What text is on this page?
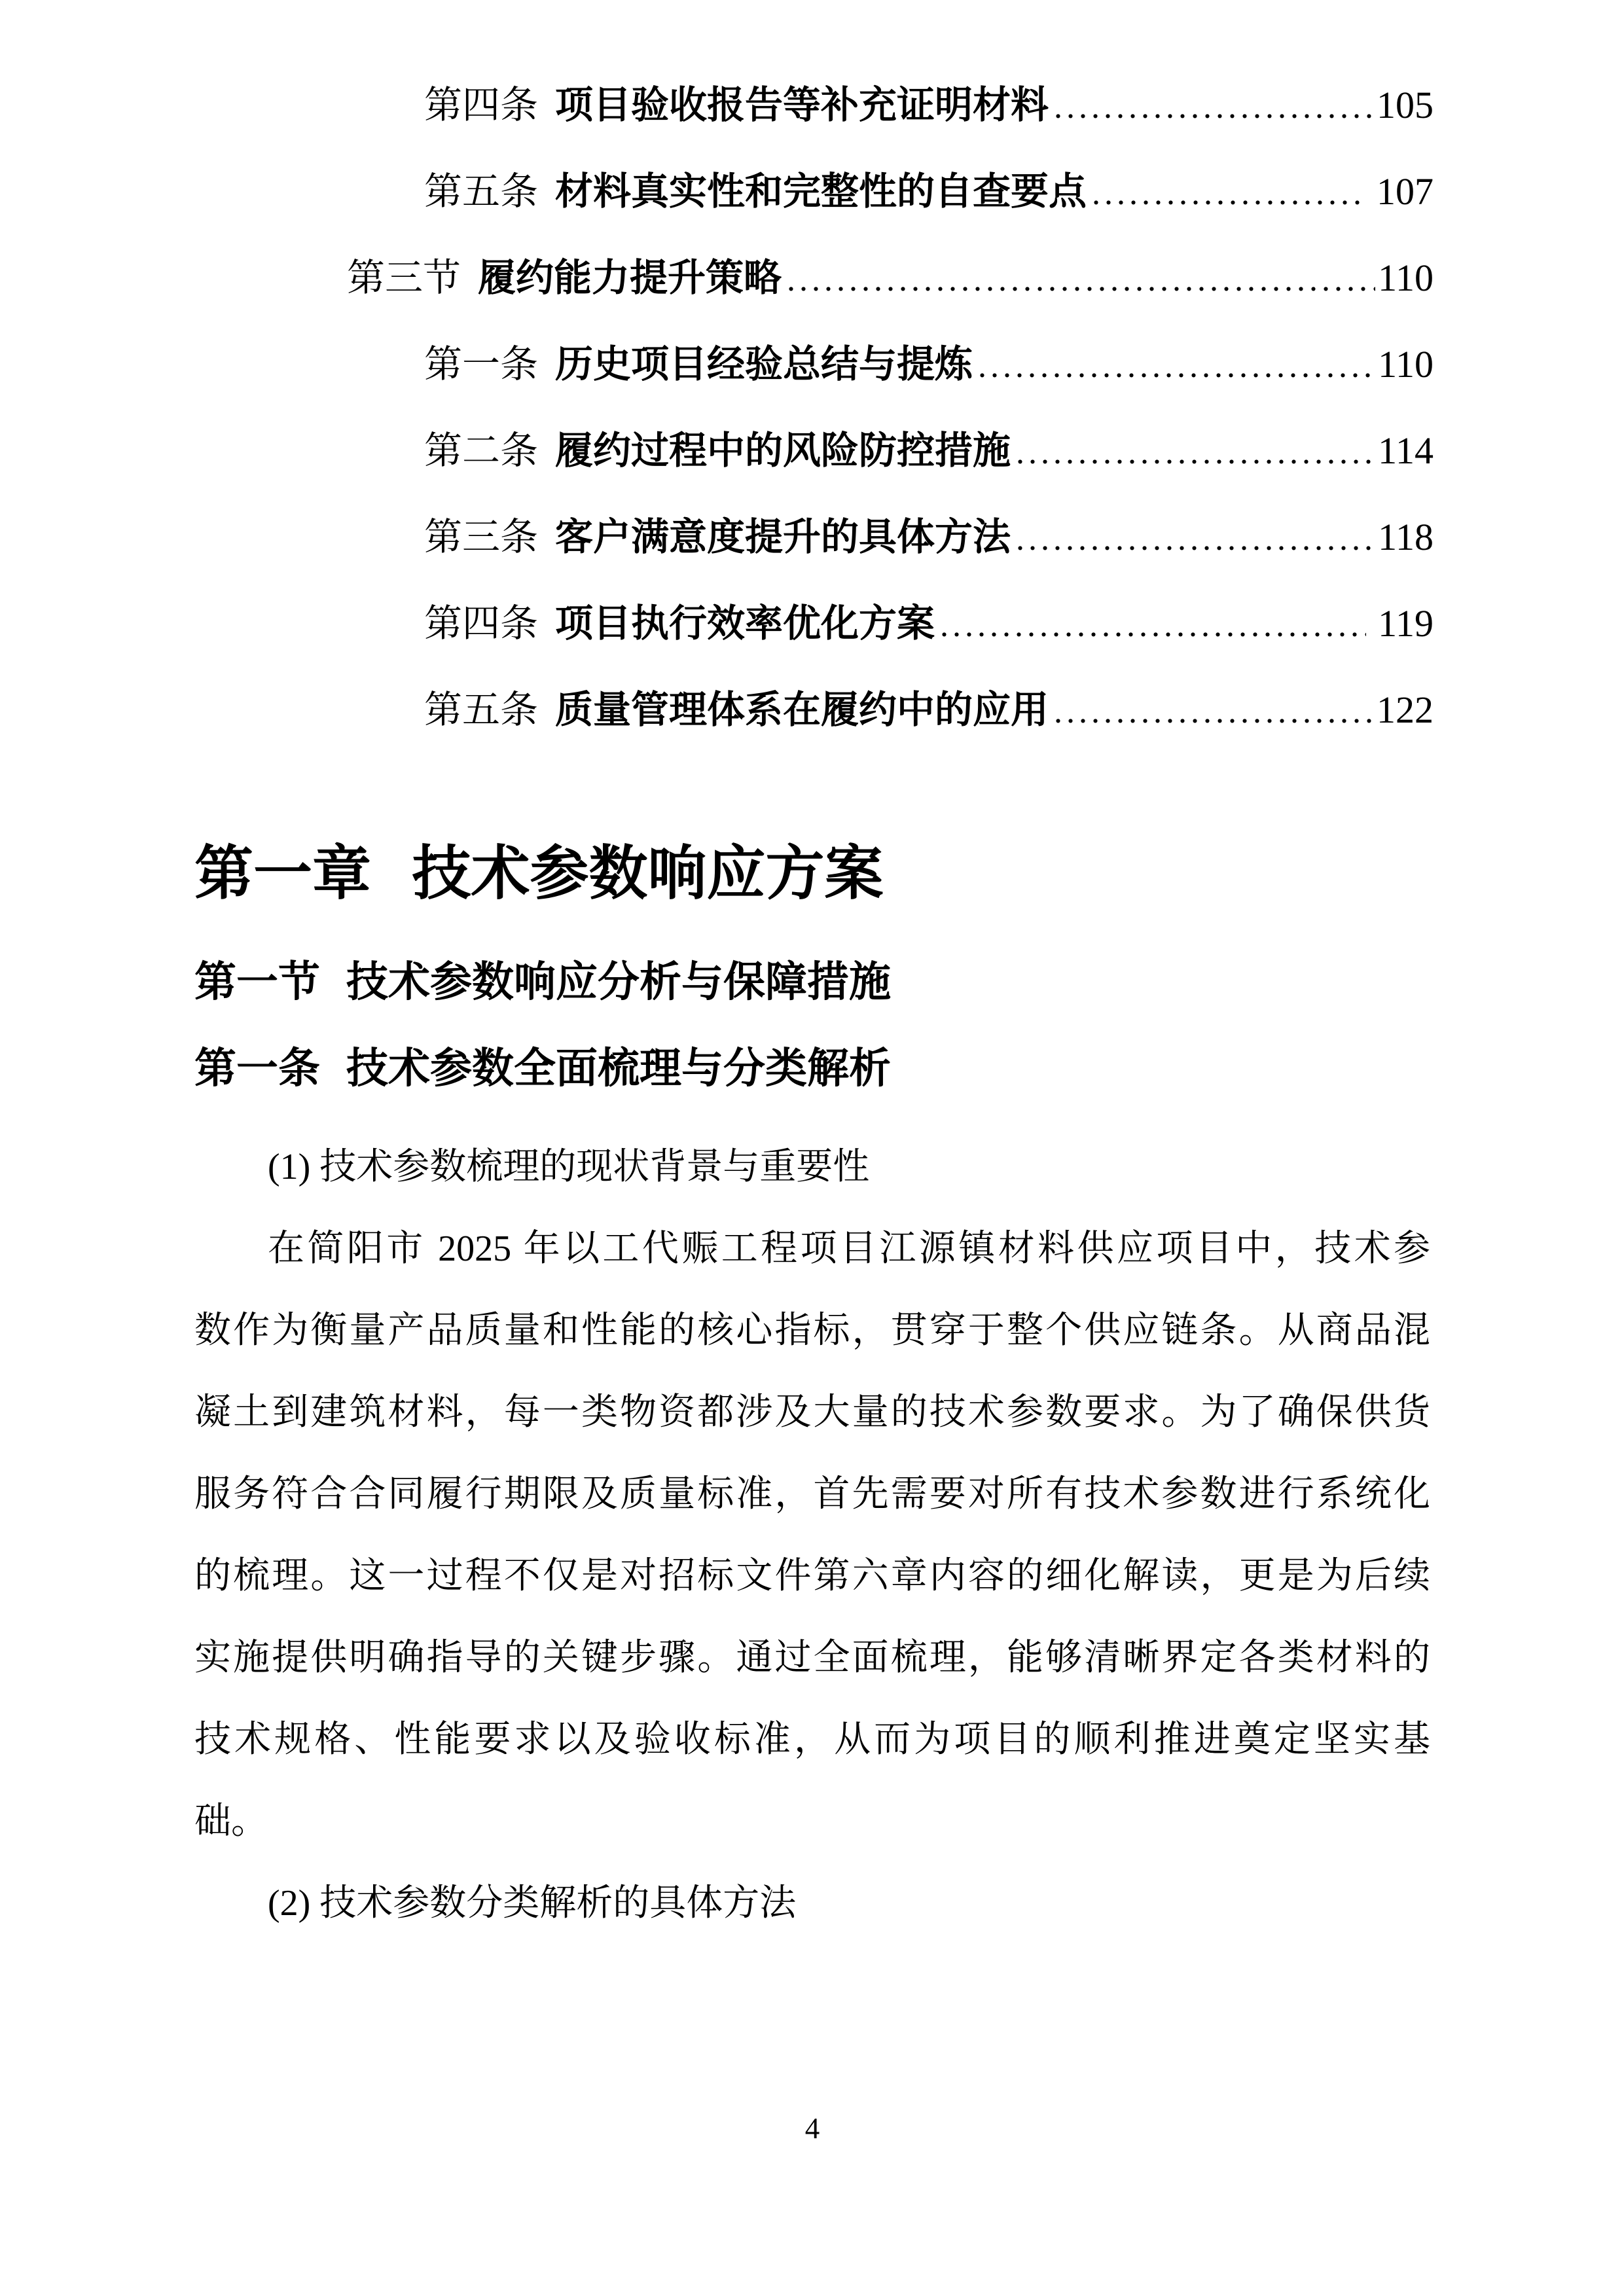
第四条 项目验收报告等补充证明材料 .....	105
第五条 材料真实性和完整性的自查要点 .....	107
第三节 履约能力提升策略 .....	110
第一条 历史项目经验总结与提炼 .....	110
第二条 履约过程中的风险防控措施 .....	114
第三条 客户满意度提升的具体方法 .....	118
第四条 项目执行效率优化方案 .....	119
第五条 质量管理体系在履约中的应用 .....	122
第一章 技术参数响应方案
第一节 技术参数响应分析与保障措施
第一条 技术参数全面梳理与分类解析
(1) 技术参数梳理的现状背景与重要性
在简阳市 2025 年以工代赈工程项目江源镇材料供应项目中，技术参
数作为衡量产品质量和性能的核心指标，贯穿于整个供应链条。从商品混
凝土到建筑材料，每一类物资都涉及大量的技术参数要求。为了确保供货
服务符合合同履行期限及质量标准，首先需要对所有技术参数进行系统化
的梳理。这一过程不仅是对招标文件第六章内容的细化解读，更是为后续
实施提供明确指导的关键步骤。通过全面梳理，能够清晰界定各类材料的
技术规格、性能要求以及验收标准，从而为项目的顺利推进奠定坚实基
础。
(2) 技术参数分类解析的具体方法
4
